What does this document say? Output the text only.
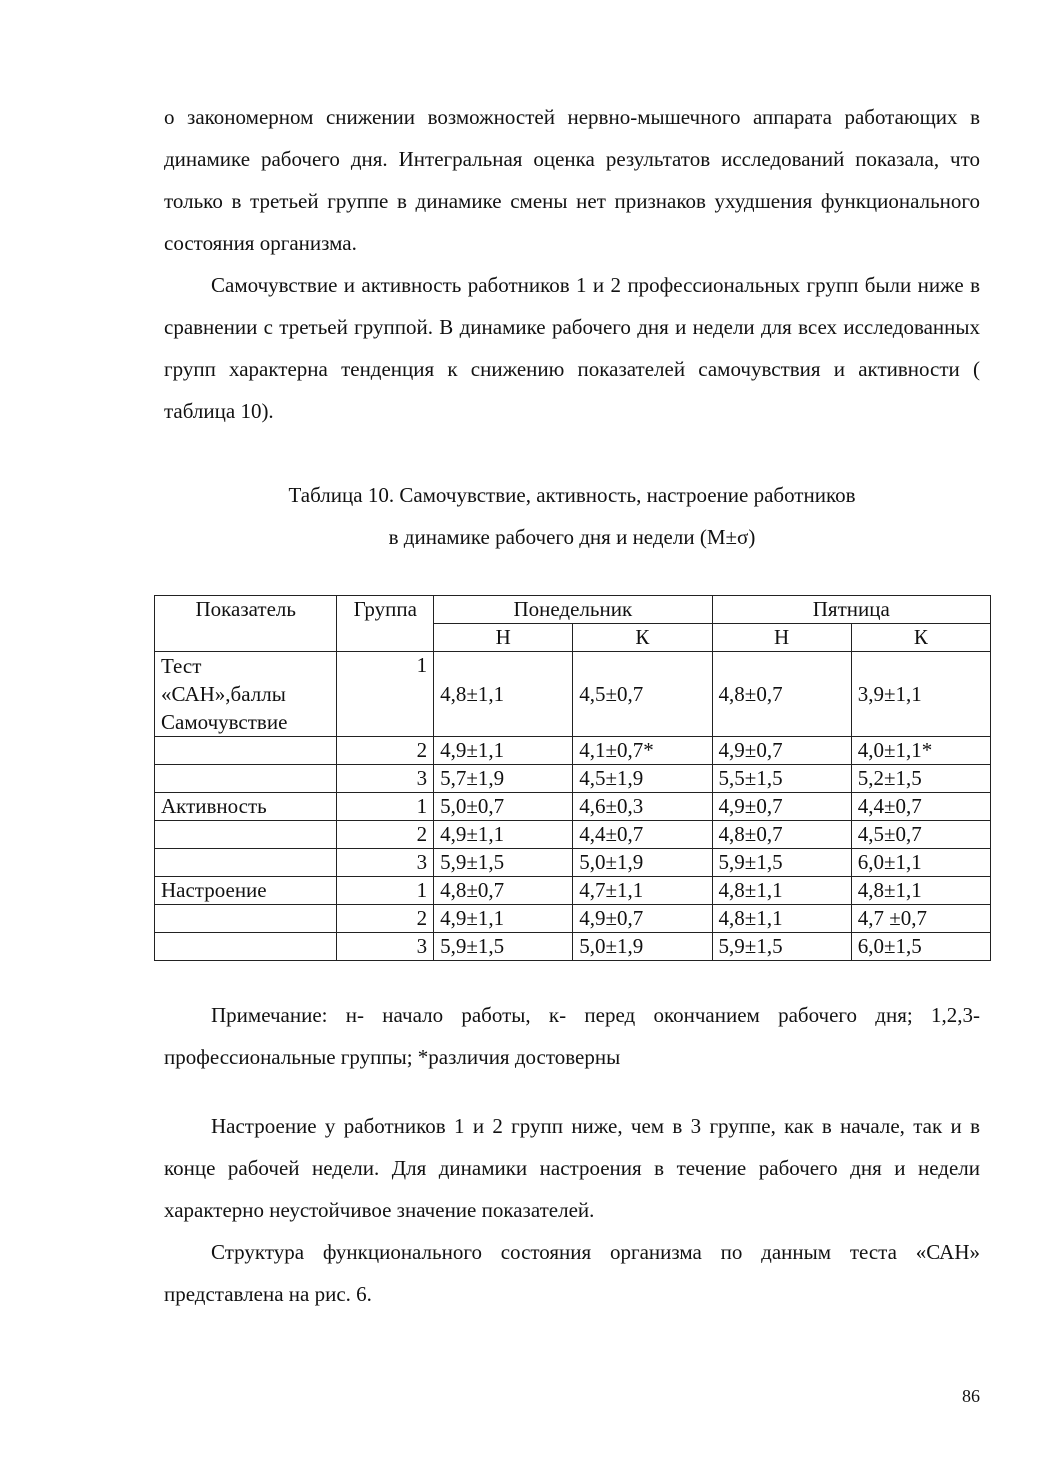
о закономерном снижении возможностей нервно-мышечного аппарата работающих в динамике рабочего дня. Интегральная оценка результатов исследований показала, что только в третьей группе в динамике смены нет признаков ухудшения функционального состояния организма.

Самочувствие и активность работников 1 и 2 профессиональных групп были ниже в сравнении с третьей группой. В динамике рабочего дня и недели для всех исследованных групп характерна тенденция к снижению показателей самочувствия и активности ( таблица 10).

Таблица 10. Самочувствие, активность, настроение работников

в динамике рабочего дня и недели (М±σ)

Показатель	Группа	Понедельник		Пятница	
		Н	К	Н	К
Тест «САН»,баллы Самочувствие	1	4,8±1,1	4,5±0,7	4,8±0,7	3,9±1,1
	2	4,9±1,1	4,1±0,7*	4,9±0,7	4,0±1,1*
	3	5,7±1,9	4,5±1,9	5,5±1,5	5,2±1,5
Активность	1	5,0±0,7	4,6±0,3	4,9±0,7	4,4±0,7
	2	4,9±1,1	4,4±0,7	4,8±0,7	4,5±0,7
	3	5,9±1,5	5,0±1,9	5,9±1,5	6,0±1,1
Настроение	1	4,8±0,7	4,7±1,1	4,8±1,1	4,8±1,1
	2	4,9±1,1	4,9±0,7	4,8±1,1	4,7 ±0,7
	3	5,9±1,5	5,0±1,9	5,9±1,5	6,0±1,5

Примечание: н- начало работы, к- перед окончанием рабочего дня; 1,2,3-профессиональные группы; *различия достоверны

Настроение у работников 1 и 2 групп ниже, чем в 3 группе, как в начале, так и в конце рабочей недели. Для динамики настроения в течение рабочего дня и недели характерно неустойчивое значение показателей.

Структура функционального состояния организма по данным теста «САН» представлена на рис. 6.

86
